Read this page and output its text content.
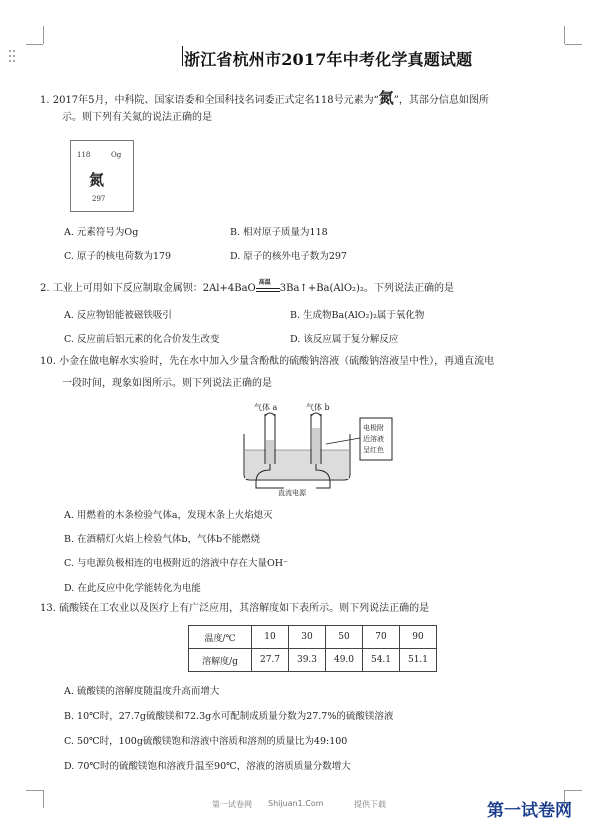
浙江省杭州市2017年中考化学真题试题
1. 2017年5月，中科院、国家语委和全国科技名词委正式定名118号元素为“氮”，其部分信息如图所
示。则下列有关氮的说法正确的是
118	Og
氮
297
A. 元素符号为Og	B. 相对原子质量为118
C. 原子的核电荷数为179	D. 原子的核外电子数为297
2. 工业上可用如下反应制取金属钡：2Al+4BaO
高温
3Ba↑+Ba(AlO₂)₂。下列说法正确的是
A. 反应物铝能被磁铁吸引	B. 生成物Ba(AlO₂)₂属于氧化物
C. 反应前后铝元素的化合价发生改变	D. 该反应属于复分解反应
10. 小金在做电解水实验时，先在水中加入少量含酚酞的硫酸钠溶液（硫酸钠溶液呈中性），再通直流电
一段时间，现象如图所示。则下列说法正确的是
气体 a	气体 b
直流电源
电极附
近溶液
呈红色
A. 用燃着的木条检验气体a，发现木条上火焰熄灭
B. 在酒精灯火焰上检验气体b，气体b不能燃烧
C. 与电源负极相连的电极附近的溶液中存在大量OH⁻
D. 在此反应中化学能转化为电能
13. 硫酸镁在工农业以及医疗上有广泛应用，其溶解度如下表所示。则下列说法正确的是
温度/℃	10	30	50	70	90
溶解度/g	27.7	39.3	49.0	54.1	51.1
A. 硫酸镁的溶解度随温度升高而增大
B. 10℃时，27.7g硫酸镁和72.3g水可配制成质量分数为27.7%的硫酸镁溶液
C. 50℃时，100g硫酸镁饱和溶液中溶质和溶剂的质量比为49:100
D. 70℃时的硫酸镁饱和溶液升温至90℃，溶液的溶质质量分数增大
第一试卷网 Shijuan1.Com	提供下载	第一试卷网
